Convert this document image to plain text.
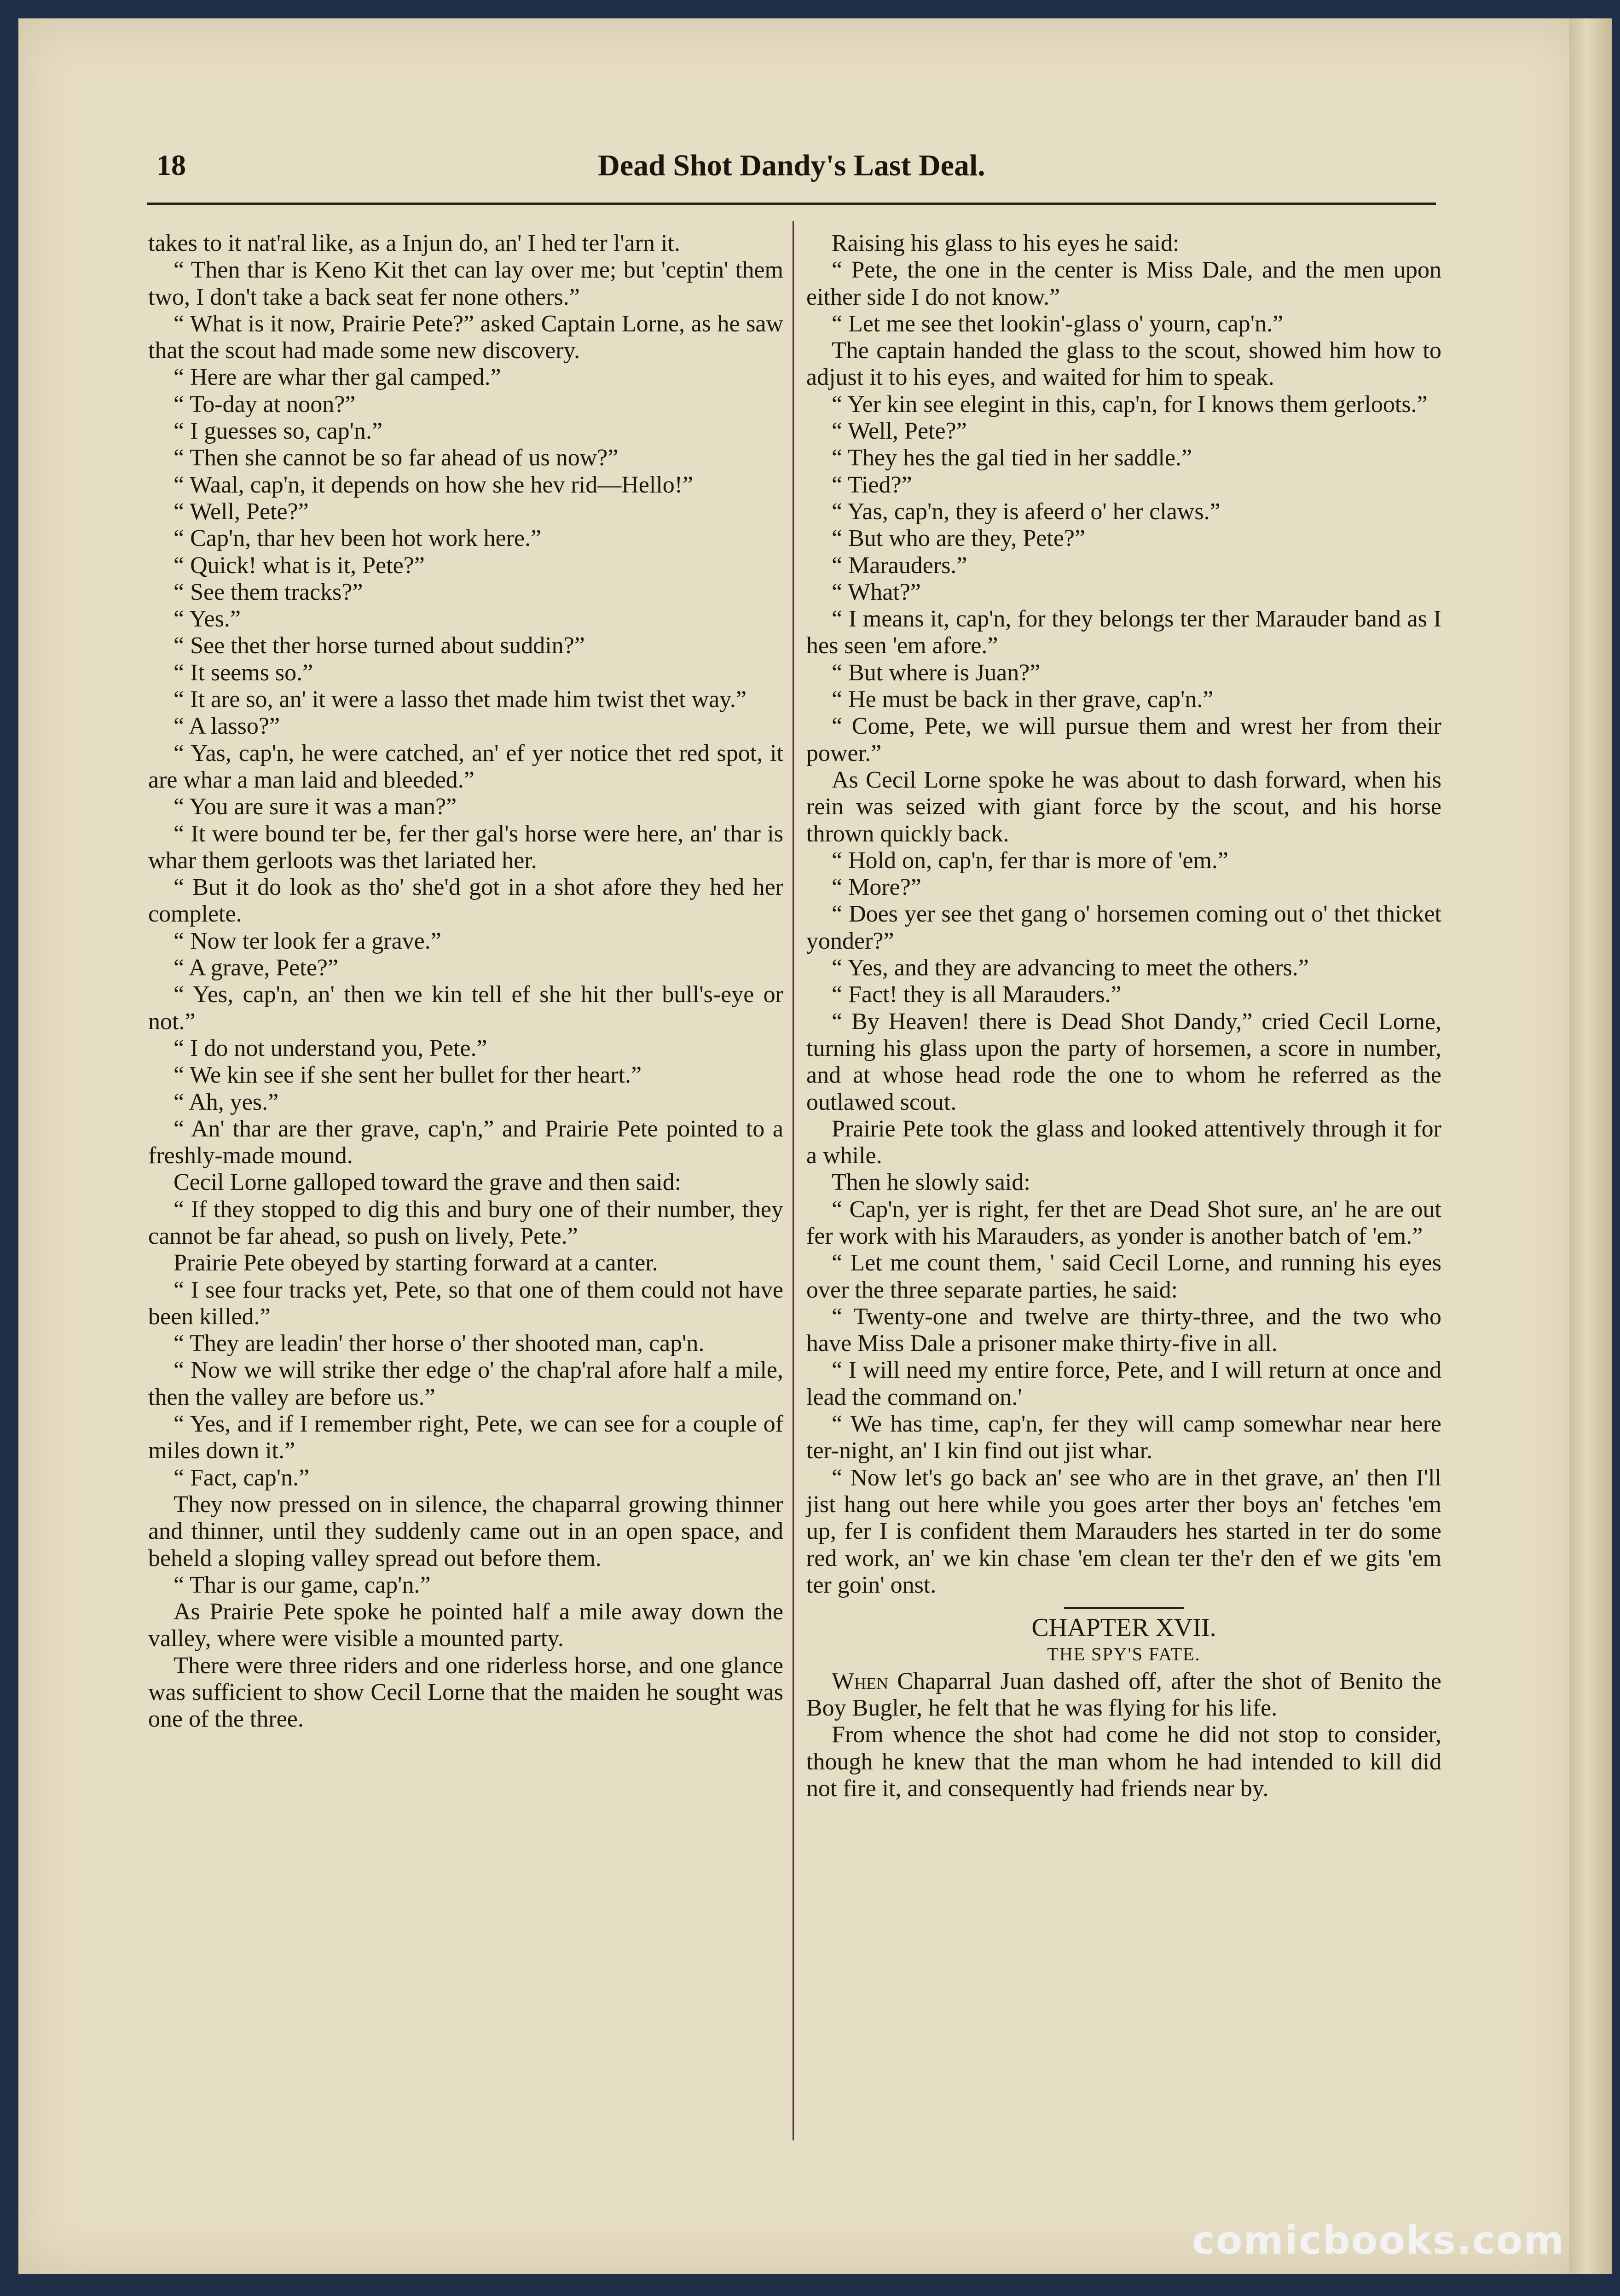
18	Dead Shot Dandy's Last Deal.

takes to it nat'ral like, as a Injun do, an' I hed ter l'arn it.

“ Then thar is Keno Kit thet can lay over me; but 'ceptin' them two, I don't take a back seat fer none others.”

“ What is it now, Prairie Pete?” asked Captain Lorne, as he saw that the scout had made some new discovery.

“ Here are whar ther gal camped.”

“ To-day at noon?”

“ I guesses so, cap'n.”

“ Then she cannot be so far ahead of us now?”

“ Waal, cap'n, it depends on how she hev rid—Hello!”

“ Well, Pete?”

“ Cap'n, thar hev been hot work here.”

“ Quick! what is it, Pete?”

“ See them tracks?”

“ Yes.”

“ See thet ther horse turned about suddin?”

“ It seems so.”

“ It are so, an' it were a lasso thet made him twist thet way.”

“ A lasso?”

“ Yas, cap'n, he were catched, an' ef yer notice thet red spot, it are whar a man laid and bleeded.”

“ You are sure it was a man?”

“ It were bound ter be, fer ther gal's horse were here, an' thar is whar them gerloots was thet lariated her.

“ But it do look as tho' she'd got in a shot afore they hed her complete.

“ Now ter look fer a grave.”

“ A grave, Pete?”

“ Yes, cap'n, an' then we kin tell ef she hit ther bull's-eye or not.”

“ I do not understand you, Pete.”

“ We kin see if she sent her bullet for ther heart.”

“ Ah, yes.”

“ An' thar are ther grave, cap'n,” and Prairie Pete pointed to a freshly-made mound.

Cecil Lorne galloped toward the grave and then said:

“ If they stopped to dig this and bury one of their number, they cannot be far ahead, so push on lively, Pete.”

Prairie Pete obeyed by starting forward at a canter.

“ I see four tracks yet, Pete, so that one of them could not have been killed.”

“ They are leadin' ther horse o' ther shooted man, cap'n.

“ Now we will strike ther edge o' the chap'ral afore half a mile, then the valley are before us.”

“ Yes, and if I remember right, Pete, we can see for a couple of miles down it.”

“ Fact, cap'n.”

They now pressed on in silence, the chaparral growing thinner and thinner, until they suddenly came out in an open space, and beheld a sloping valley spread out before them.

“ Thar is our game, cap'n.”

As Prairie Pete spoke he pointed half a mile away down the valley, where were visible a mounted party.

There were three riders and one riderless horse, and one glance was sufficient to show Cecil Lorne that the maiden he sought was one of the three.

Raising his glass to his eyes he said:

“ Pete, the one in the center is Miss Dale, and the men upon either side I do not know.”

“ Let me see thet lookin'-glass o' yourn, cap'n.”

The captain handed the glass to the scout, showed him how to adjust it to his eyes, and waited for him to speak.

“ Yer kin see elegint in this, cap'n, for I knows them gerloots.”

“ Well, Pete?”

“ They hes the gal tied in her saddle.”

“ Tied?”

“ Yas, cap'n, they is afeerd o' her claws.”

“ But who are they, Pete?”

“ Marauders.”

“ What?”

“ I means it, cap'n, for they belongs ter ther Marauder band as I hes seen 'em afore.”

“ But where is Juan?”

“ He must be back in ther grave, cap'n.”

“ Come, Pete, we will pursue them and wrest her from their power.”

As Cecil Lorne spoke he was about to dash forward, when his rein was seized with giant force by the scout, and his horse thrown quickly back.

“ Hold on, cap'n, fer thar is more of 'em.”

“ More?”

“ Does yer see thet gang o' horsemen coming out o' thet thicket yonder?”

“ Yes, and they are advancing to meet the others.”

“ Fact! they is all Marauders.”

“ By Heaven! there is Dead Shot Dandy,” cried Cecil Lorne, turning his glass upon the party of horsemen, a score in number, and at whose head rode the one to whom he referred as the outlawed scout.

Prairie Pete took the glass and looked attentively through it for a while.

Then he slowly said:

“ Cap'n, yer is right, fer thet are Dead Shot sure, an' he are out fer work with his Marauders, as yonder is another batch of 'em.”

“ Let me count them, ' said Cecil Lorne, and running his eyes over the three separate parties, he said:

“ Twenty-one and twelve are thirty-three, and the two who have Miss Dale a prisoner make thirty-five in all.

“ I will need my entire force, Pete, and I will return at once and lead the command on.'

“ We has time, cap'n, fer they will camp somewhar near here ter-night, an' I kin find out jist whar.

“ Now let's go back an' see who are in thet grave, an' then I'll jist hang out here while you goes arter ther boys an' fetches 'em up, fer I is confident them Marauders hes started in ter do some red work, an' we kin chase 'em clean ter the'r den ef we gits 'em ter goin' onst.

CHAPTER XVII.

THE SPY'S FATE.

When Chaparral Juan dashed off, after the shot of Benito the Boy Bugler, he felt that he was flying for his life.

From whence the shot had come he did not stop to consider, though he knew that the man whom he had intended to kill did not fire it, and consequently had friends near by.

comicbooks.com
